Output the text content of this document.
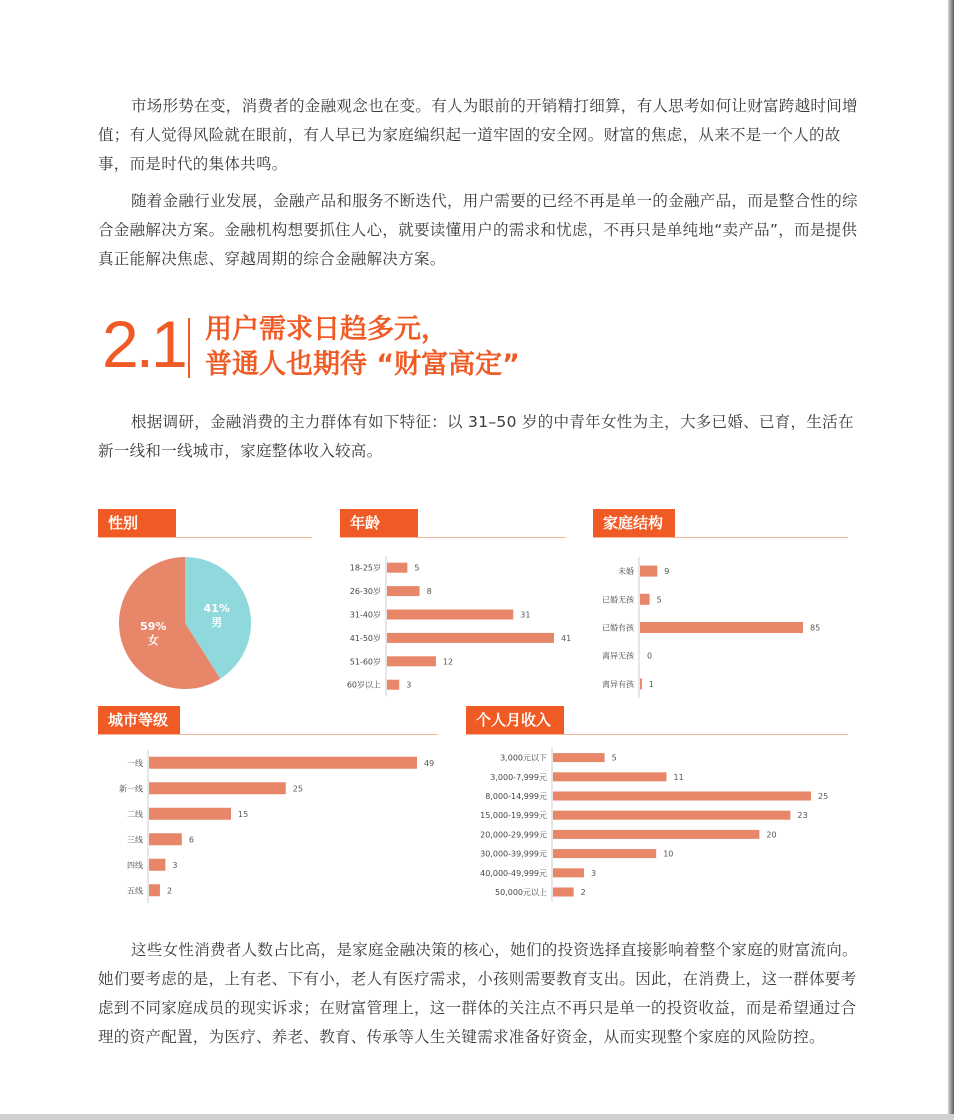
市场形势在变，消费者的金融观念也在变。有人为眼前的开销精打细算，有人思考如何让财富跨越时间增值；有人觉得风险就在眼前，有人早已为家庭编织起一道牢固的安全网。财富的焦虑，从来不是一个人的故事，而是时代的集体共鸣。

随着金融行业发展，金融产品和服务不断迭代，用户需要的已经不再是单一的金融产品，而是整合性的综合金融解决方案。金融机构想要抓住人心，就要读懂用户的需求和忧虑，不再只是单纯地“卖产品”，而是提供真正能解决焦虑、穿越周期的综合金融解决方案。

2.1 用户需求日趋多元，
普通人也期待 “财富高定”

根据调研，金融消费的主力群体有如下特征：以 31–50 岁的中青年女性为主，大多已婚、已育，生活在新一线和一线城市，家庭整体收入较高。

性别	年龄	家庭结构
城市等级	个人月收入
41%
男
59%
女
18-25岁	5
26-30岁	8
31-40岁	31
41-50岁	41
51-60岁	12
60岁以上	3
未婚	9
已婚无孩	5
已婚有孩	85
离异无孩 0
离异有孩 1
一线	49
新一线	25
二线	15
三线	6
四线	3
五线	2
3,000元以下	5
3,000-7,999元	11
8,000-14,999元	25
15,000-19,999元	23
20,000-29,999元	20
30,000-39,999元	10
40,000-49,999元	3
50,000元以上	2

这些女性消费者人数占比高，是家庭金融决策的核心，她们的投资选择直接影响着整个家庭的财富流向。她们要考虑的是，上有老、下有小，老人有医疗需求，小孩则需要教育支出。因此，在消费上，这一群体要考虑到不同家庭成员的现实诉求；在财富管理上，这一群体的关注点不再只是单一的投资收益，而是希望通过合理的资产配置，为医疗、养老、教育、传承等人生关键需求准备好资金，从而实现整个家庭的风险防控。
